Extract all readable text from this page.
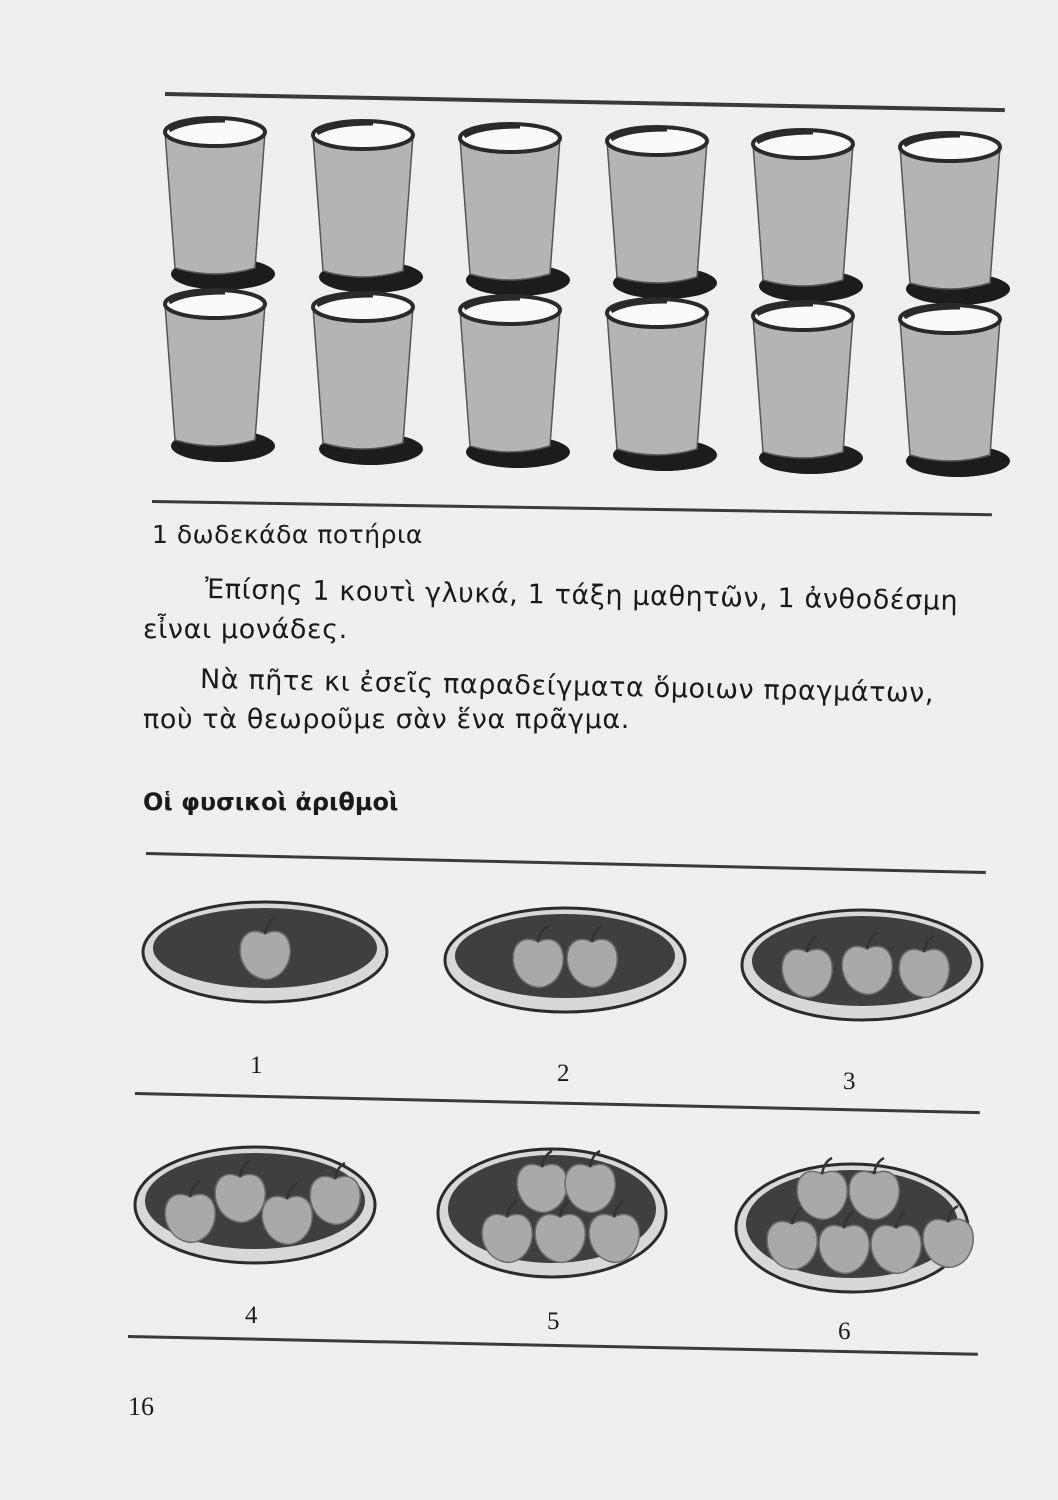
1 δωδεκάδα ποτήρια
Ἐπίσης 1 κουτὶ γλυκά, 1 τάξη μαθητῶν, 1 ἀνθοδέσμη
εἶναι μονάδες.
Νὰ πῆτε κι ἐσεῖς παραδείγματα ὅμοιων πραγμάτων,
ποὺ τὰ θεωροῦμε σὰν ἕνα πρᾶγμα.
Οἱ φυσικοὶ ἀριθμοὶ
1	2	3
4	5	6
16
